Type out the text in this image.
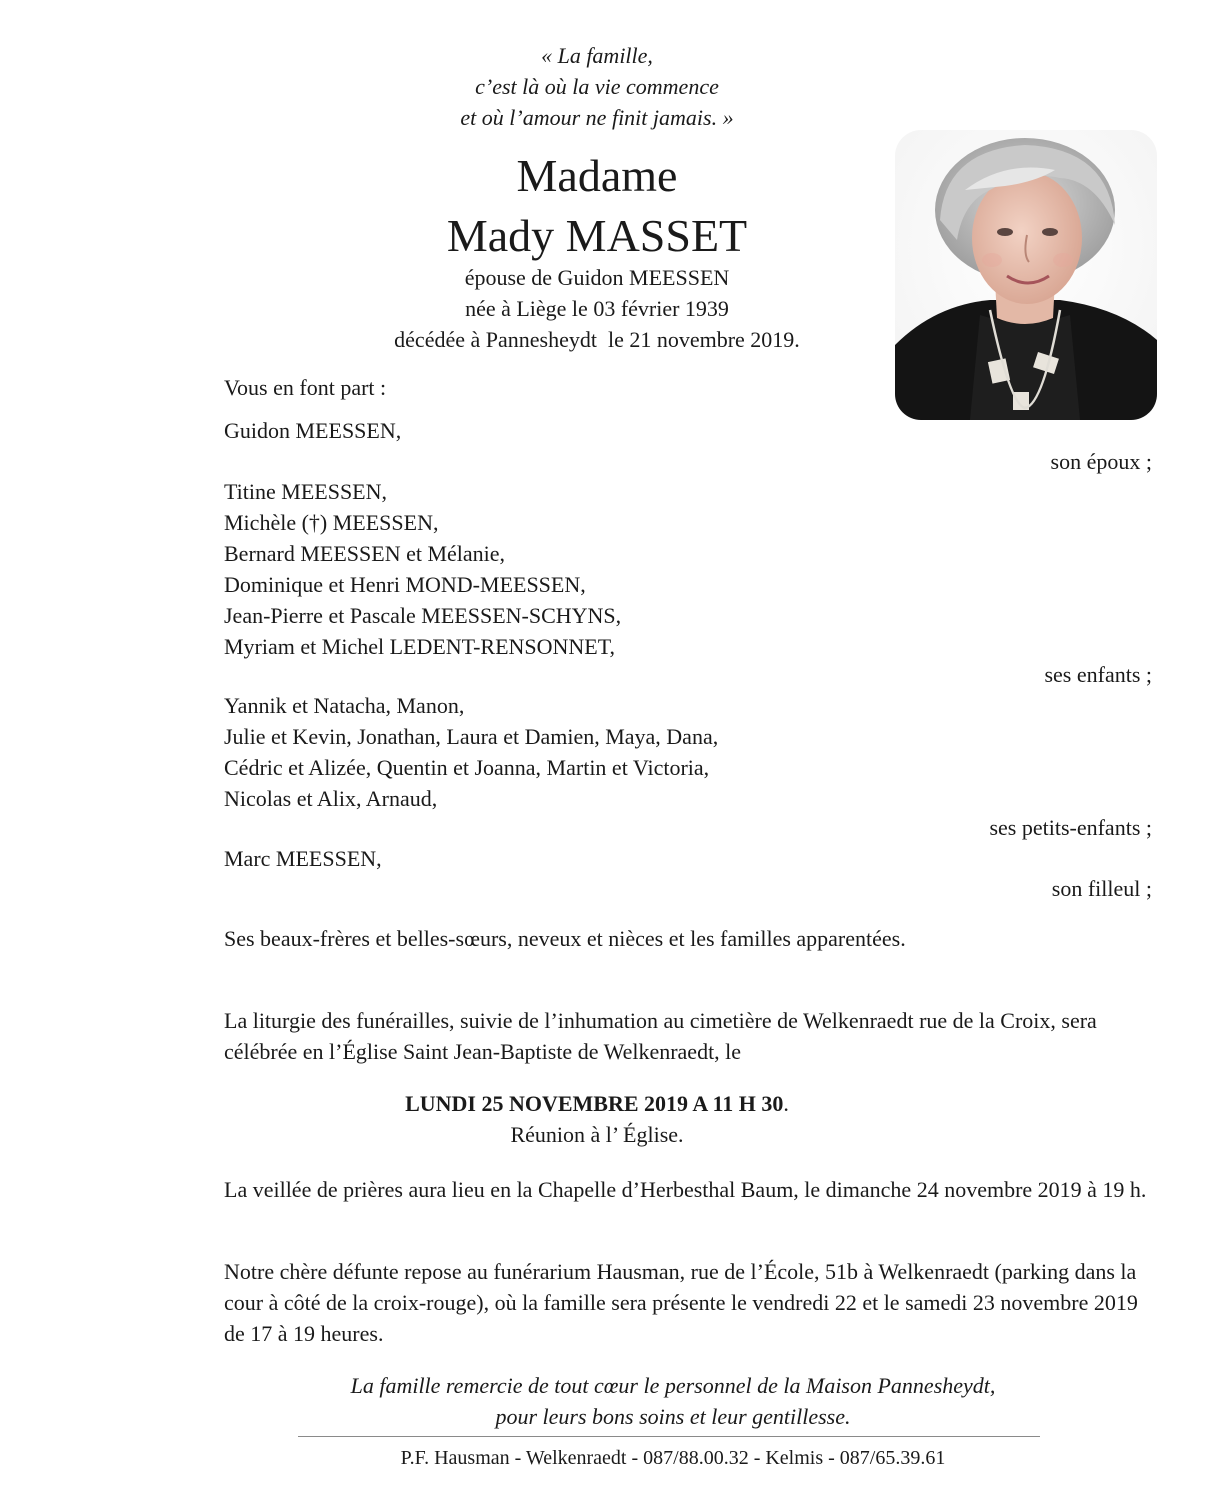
« La famille,
c’est là où la vie commence
et où l’amour ne finit jamais. »
Madame
Mady MASSET
épouse de Guidon MEESSEN
née à Liège le 03 février 1939
décédée à Pannesheydt  le 21 novembre 2019.
Vous en font part :
Guidon MEESSEN,
son époux ;
Titine MEESSEN,
Michèle (†) MEESSEN,
Bernard MEESSEN et Mélanie,
Dominique et Henri MOND-MEESSEN,
Jean-Pierre et Pascale MEESSEN-SCHYNS,
Myriam et Michel LEDENT-RENSONNET,
ses enfants ;
Yannik et Natacha, Manon,
Julie et Kevin, Jonathan, Laura et Damien, Maya, Dana,
Cédric et Alizée, Quentin et Joanna, Martin et Victoria,
Nicolas et Alix, Arnaud,
ses petits-enfants ;
Marc MEESSEN,
son filleul ;
Ses beaux-frères et belles-sœurs, neveux et nièces et les familles apparentées.
La liturgie des funérailles, suivie de l’inhumation au cimetière de Welkenraedt rue de la Croix, sera célébrée en l’Église Saint Jean-Baptiste de Welkenraedt, le
LUNDI 25 NOVEMBRE 2019 A 11 H 30.
Réunion à l’ Église.
La veillée de prières aura lieu en la Chapelle d’Herbesthal Baum, le dimanche 24 novembre 2019 à 19 h.
Notre chère défunte repose au funérarium Hausman, rue de l’École, 51b à Welkenraedt (parking dans la cour à côté de la croix-rouge), où la famille sera présente le vendredi 22 et le samedi 23 novembre 2019 de 17 à 19 heures.
La famille remercie de tout cœur le personnel de la Maison Pannesheydt,
pour leurs bons soins et leur gentillesse.
P.F. Hausman - Welkenraedt - 087/88.00.32 - Kelmis - 087/65.39.61
